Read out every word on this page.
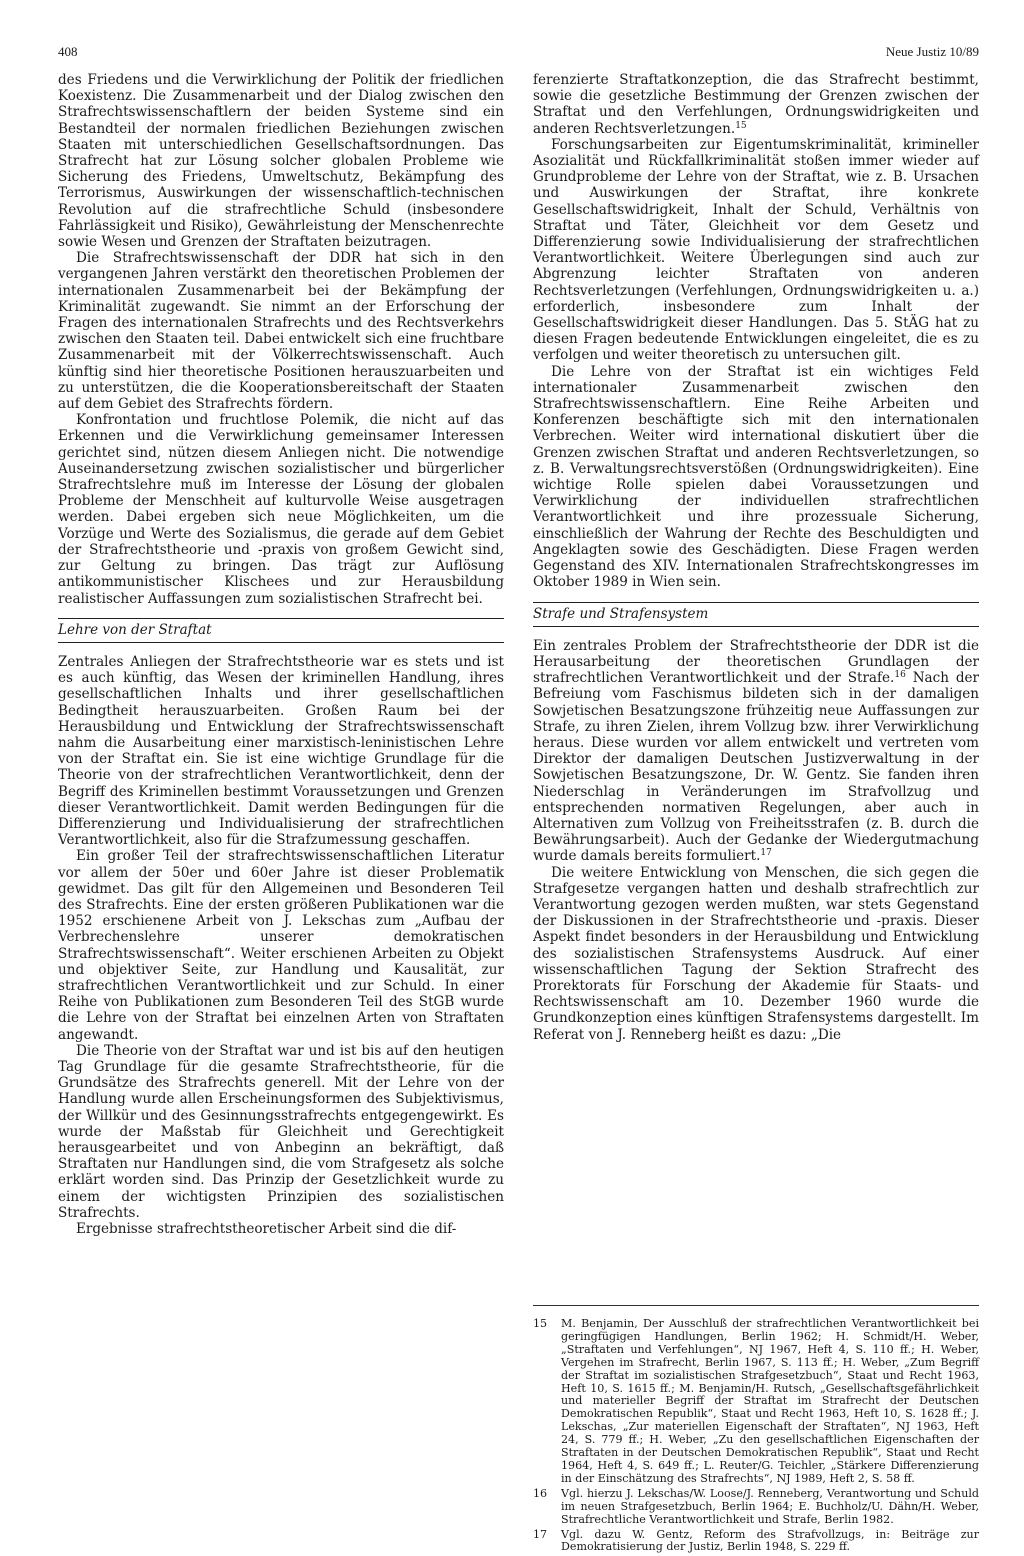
408	Neue Justiz 10/89

des Friedens und die Verwirklichung der Politik der friedlichen Koexistenz. Die Zusammenarbeit und der Dialog zwischen den Strafrechtswissenschaftlern der beiden Systeme sind ein Bestandteil der normalen friedlichen Beziehungen zwischen Staaten mit unterschiedlichen Gesellschaftsordnungen. Das Strafrecht hat zur Lösung solcher globalen Probleme wie Sicherung des Friedens, Umweltschutz, Bekämpfung des Terrorismus, Auswirkungen der wissenschaftlich-technischen Revolution auf die strafrechtliche Schuld (insbesondere Fahrlässigkeit und Risiko), Gewährleistung der Menschenrechte sowie Wesen und Grenzen der Straftaten beizutragen.

Die Strafrechtswissenschaft der DDR hat sich in den vergangenen Jahren verstärkt den theoretischen Problemen der internationalen Zusammenarbeit bei der Bekämpfung der Kriminalität zugewandt. Sie nimmt an der Erforschung der Fragen des internationalen Strafrechts und des Rechtsverkehrs zwischen den Staaten teil. Dabei entwickelt sich eine fruchtbare Zusammenarbeit mit der Völkerrechtswissenschaft. Auch künftig sind hier theoretische Positionen herauszuarbeiten und zu unterstützen, die die Kooperationsbereitschaft der Staaten auf dem Gebiet des Strafrechts fördern.

Konfrontation und fruchtlose Polemik, die nicht auf das Erkennen und die Verwirklichung gemeinsamer Interessen gerichtet sind, nützen diesem Anliegen nicht. Die notwendige Auseinandersetzung zwischen sozialistischer und bürgerlicher Strafrechtslehre muß im Interesse der Lösung der globalen Probleme der Menschheit auf kulturvolle Weise ausgetragen werden. Dabei ergeben sich neue Möglichkeiten, um die Vorzüge und Werte des Sozialismus, die gerade auf dem Gebiet der Strafrechtstheorie und -praxis von großem Gewicht sind, zur Geltung zu bringen. Das trägt zur Auflösung antikommunistischer Klischees und zur Herausbildung realistischer Auffassungen zum sozialistischen Strafrecht bei.

Lehre von der Straftat

Zentrales Anliegen der Strafrechtstheorie war es stets und ist es auch künftig, das Wesen der kriminellen Handlung, ihres gesellschaftlichen Inhalts und ihrer gesellschaftlichen Bedingtheit herauszuarbeiten. Großen Raum bei der Herausbildung und Entwicklung der Strafrechtswissenschaft nahm die Ausarbeitung einer marxistisch-leninistischen Lehre von der Straftat ein. Sie ist eine wichtige Grundlage für die Theorie von der strafrechtlichen Verantwortlichkeit, denn der Begriff des Kriminellen bestimmt Voraussetzungen und Grenzen dieser Verantwortlichkeit. Damit werden Bedingungen für die Differenzierung und Individualisierung der strafrechtlichen Verantwortlichkeit, also für die Strafzumessung geschaffen.

Ein großer Teil der strafrechtswissenschaftlichen Literatur vor allem der 50er und 60er Jahre ist dieser Problematik gewidmet. Das gilt für den Allgemeinen und Besonderen Teil des Strafrechts. Eine der ersten größeren Publikationen war die 1952 erschienene Arbeit von J. Lekschas zum „Aufbau der Verbrechenslehre unserer demokratischen Strafrechtswissenschaft“. Weiter erschienen Arbeiten zu Objekt und objektiver Seite, zur Handlung und Kausalität, zur strafrechtlichen Verantwortlichkeit und zur Schuld. In einer Reihe von Publikationen zum Besonderen Teil des StGB wurde die Lehre von der Straftat bei einzelnen Arten von Straftaten angewandt.

Die Theorie von der Straftat war und ist bis auf den heutigen Tag Grundlage für die gesamte Strafrechtstheorie, für die Grundsätze des Strafrechts generell. Mit der Lehre von der Handlung wurde allen Erscheinungsformen des Subjektivismus, der Willkür und des Gesinnungsstrafrechts entgegengewirkt. Es wurde der Maßstab für Gleichheit und Gerechtigkeit herausgearbeitet und von Anbeginn an bekräftigt, daß Straftaten nur Handlungen sind, die vom Strafgesetz als solche erklärt worden sind. Das Prinzip der Gesetzlichkeit wurde zu einem der wichtigsten Prinzipien des sozialistischen Strafrechts.

Ergebnisse strafrechtstheoretischer Arbeit sind die dif-

ferenzierte Straftatkonzeption, die das Strafrecht bestimmt, sowie die gesetzliche Bestimmung der Grenzen zwischen der Straftat und den Verfehlungen, Ordnungswidrigkeiten und anderen Rechtsverletzungen.$^{15}$

Forschungsarbeiten zur Eigentumskriminalität, krimineller Asozialität und Rückfallkriminalität stoßen immer wieder auf Grundprobleme der Lehre von der Straftat, wie z. B. Ursachen und Auswirkungen der Straftat, ihre konkrete Gesellschaftswidrigkeit, Inhalt der Schuld, Verhältnis von Straftat und Täter, Gleichheit vor dem Gesetz und Differenzierung sowie Individualisierung der strafrechtlichen Verantwortlichkeit. Weitere Überlegungen sind auch zur Abgrenzung leichter Straftaten von anderen Rechtsverletzungen (Verfehlungen, Ordnungswidrigkeiten u. a.) erforderlich, insbesondere zum Inhalt der Gesellschaftswidrigkeit dieser Handlungen. Das 5. StÄG hat zu diesen Fragen bedeutende Entwicklungen eingeleitet, die es zu verfolgen und weiter theoretisch zu untersuchen gilt.

Die Lehre von der Straftat ist ein wichtiges Feld internationaler Zusammenarbeit zwischen den Strafrechtswissenschaftlern. Eine Reihe Arbeiten und Konferenzen beschäftigte sich mit den internationalen Verbrechen. Weiter wird international diskutiert über die Grenzen zwischen Straftat und anderen Rechtsverletzungen, so z. B. Verwaltungsrechtsverstößen (Ordnungswidrigkeiten). Eine wichtige Rolle spielen dabei Voraussetzungen und Verwirklichung der individuellen strafrechtlichen Verantwortlichkeit und ihre prozessuale Sicherung, einschließlich der Wahrung der Rechte des Beschuldigten und Angeklagten sowie des Geschädigten. Diese Fragen werden Gegenstand des XIV. Internationalen Strafrechtskongresses im Oktober 1989 in Wien sein.

Strafe und Strafensystem

Ein zentrales Problem der Strafrechtstheorie der DDR ist die Herausarbeitung der theoretischen Grundlagen der strafrechtlichen Verantwortlichkeit und der Strafe.$^{16}$ Nach der Befreiung vom Faschismus bildeten sich in der damaligen Sowjetischen Besatzungszone frühzeitig neue Auffassungen zur Strafe, zu ihren Zielen, ihrem Vollzug bzw. ihrer Verwirklichung heraus. Diese wurden vor allem entwickelt und vertreten vom Direktor der damaligen Deutschen Justizverwaltung in der Sowjetischen Besatzungszone, Dr. W. Gentz. Sie fanden ihren Niederschlag in Veränderungen im Strafvollzug und entsprechenden normativen Regelungen, aber auch in Alternativen zum Vollzug von Freiheitsstrafen (z. B. durch die Bewährungsarbeit). Auch der Gedanke der Wiedergutmachung wurde damals bereits formuliert.$^{17}$

Die weitere Entwicklung von Menschen, die sich gegen die Strafgesetze vergangen hatten und deshalb strafrechtlich zur Verantwortung gezogen werden mußten, war stets Gegenstand der Diskussionen in der Strafrechtstheorie und -praxis. Dieser Aspekt findet besonders in der Herausbildung und Entwicklung des sozialistischen Strafensystems Ausdruck. Auf einer wissenschaftlichen Tagung der Sektion Strafrecht des Prorektorats für Forschung der Akademie für Staats- und Rechtswissenschaft am 10. Dezember 1960 wurde die Grundkonzeption eines künftigen Strafensystems dargestellt. Im Referat von J. Renneberg heißt es dazu: „Die

15 M. Benjamin, Der Ausschluß der strafrechtlichen Verantwortlichkeit bei geringfügigen Handlungen, Berlin 1962; H. Schmidt/H. Weber, „Straftaten und Verfehlungen“, NJ 1967, Heft 4, S. 110 ff.; H. Weber, Vergehen im Strafrecht, Berlin 1967, S. 113 ff.; H. Weber, „Zum Begriff der Straftat im sozialistischen Strafgesetzbuch“, Staat und Recht 1963, Heft 10, S. 1615 ff.; M. Benjamin/H. Rutsch, „Gesellschaftsgefährlichkeit und materieller Begriff der Straftat im Strafrecht der Deutschen Demokratischen Republik“, Staat und Recht 1963, Heft 10, S. 1628 ff.; J. Lekschas, „Zur materiellen Eigenschaft der Straftaten“, NJ 1963, Heft 24, S. 779 ff.; H. Weber, „Zu den gesellschaftlichen Eigenschaften der Straftaten in der Deutschen Demokratischen Republik“, Staat und Recht 1964, Heft 4, S. 649 ff.; L. Reuter/G. Teichler, „Stärkere Differenzierung in der Einschätzung des Strafrechts“, NJ 1989, Heft 2, S. 58 ff.
16 Vgl. hierzu J. Lekschas/W. Loose/J. Renneberg, Verantwortung und Schuld im neuen Strafgesetzbuch, Berlin 1964; E. Buchholz/U. Dähn/H. Weber, Strafrechtliche Verantwortlichkeit und Strafe, Berlin 1982.
17 Vgl. dazu W. Gentz, Reform des Strafvollzugs, in: Beiträge zur Demokratisierung der Justiz, Berlin 1948, S. 229 ff.
